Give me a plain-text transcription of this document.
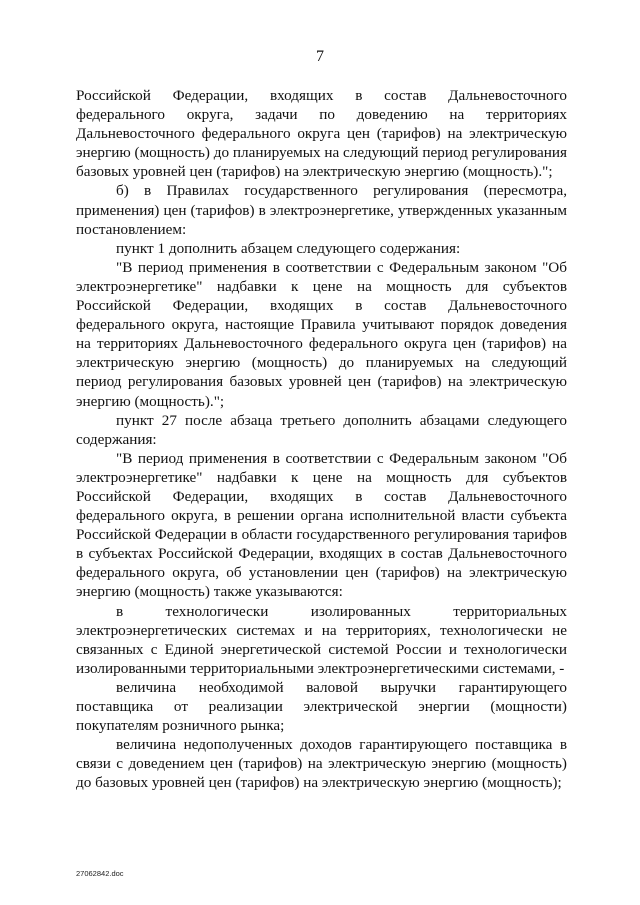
7

Российской Федерации, входящих в состав Дальневосточного федерального округа, задачи по доведению на территориях Дальневосточного федерального округа цен (тарифов) на электрическую энергию (мощность) до планируемых на следующий период регулирования базовых уровней цен (тарифов) на электрическую энергию (мощность).";

б) в Правилах государственного регулирования (пересмотра, применения) цен (тарифов) в электроэнергетике, утвержденных указанным постановлением:

пункт 1 дополнить абзацем следующего содержания:

"В период применения в соответствии с Федеральным законом "Об электроэнергетике" надбавки к цене на мощность для субъектов Российской Федерации, входящих в состав Дальневосточного федерального округа, настоящие Правила учитывают порядок доведения на территориях Дальневосточного федерального округа цен (тарифов) на электрическую энергию (мощность) до планируемых на следующий период регулирования базовых уровней цен (тарифов) на электрическую энергию (мощность).";

пункт 27 после абзаца третьего дополнить абзацами следующего содержания:

"В период применения в соответствии с Федеральным законом "Об электроэнергетике" надбавки к цене на мощность для субъектов Российской Федерации, входящих в состав Дальневосточного федерального округа, в решении органа исполнительной власти субъекта Российской Федерации в области государственного регулирования тарифов в субъектах Российской Федерации, входящих в состав Дальневосточного федерального округа, об установлении цен (тарифов) на электрическую энергию (мощность) также указываются:

в технологически изолированных территориальных электроэнергетических системах и на территориях, технологически не связанных с Единой энергетической системой России и технологически изолированными территориальными электроэнергетическими системами, -

величина необходимой валовой выручки гарантирующего поставщика от реализации электрической энергии (мощности) покупателям розничного рынка;

величина недополученных доходов гарантирующего поставщика в связи с доведением цен (тарифов) на электрическую энергию (мощность) до базовых уровней цен (тарифов) на электрическую энергию (мощность);

27062842.doc
